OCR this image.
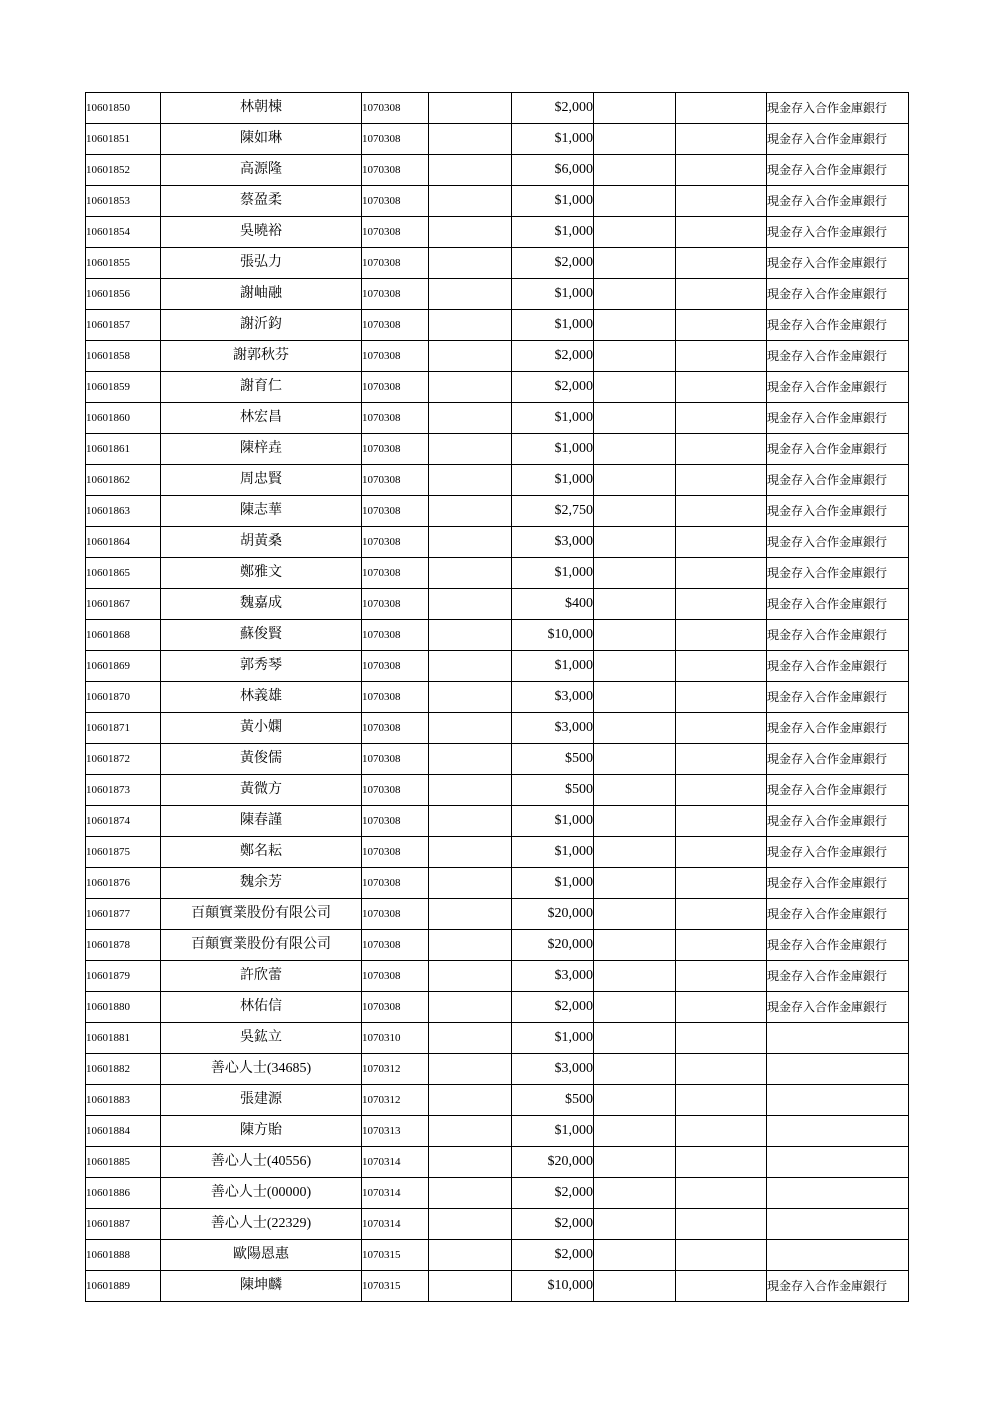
10601850	林朝棟	1070308		$2,000			現金存入合作金庫銀行
10601851	陳如琳	1070308		$1,000			現金存入合作金庫銀行
10601852	高源隆	1070308		$6,000			現金存入合作金庫銀行
10601853	蔡盈柔	1070308		$1,000			現金存入合作金庫銀行
10601854	吳曉裕	1070308		$1,000			現金存入合作金庫銀行
10601855	張弘力	1070308		$2,000			現金存入合作金庫銀行
10601856	謝岫融	1070308		$1,000			現金存入合作金庫銀行
10601857	謝沂鈞	1070308		$1,000			現金存入合作金庫銀行
10601858	謝郭秋芬	1070308		$2,000			現金存入合作金庫銀行
10601859	謝育仁	1070308		$2,000			現金存入合作金庫銀行
10601860	林宏昌	1070308		$1,000			現金存入合作金庫銀行
10601861	陳梓垚	1070308		$1,000			現金存入合作金庫銀行
10601862	周忠賢	1070308		$1,000			現金存入合作金庫銀行
10601863	陳志華	1070308		$2,750			現金存入合作金庫銀行
10601864	胡黃桑	1070308		$3,000			現金存入合作金庫銀行
10601865	鄭雅文	1070308		$1,000			現金存入合作金庫銀行
10601867	魏嘉成	1070308		$400			現金存入合作金庫銀行
10601868	蘇俊賢	1070308		$10,000			現金存入合作金庫銀行
10601869	郭秀琴	1070308		$1,000			現金存入合作金庫銀行
10601870	林義雄	1070308		$3,000			現金存入合作金庫銀行
10601871	黃小嫻	1070308		$3,000			現金存入合作金庫銀行
10601872	黃俊儒	1070308		$500			現金存入合作金庫銀行
10601873	黃微方	1070308		$500			現金存入合作金庫銀行
10601874	陳春謹	1070308		$1,000			現金存入合作金庫銀行
10601875	鄭名耘	1070308		$1,000			現金存入合作金庫銀行
10601876	魏余芳	1070308		$1,000			現金存入合作金庫銀行
10601877	百顛實業股份有限公司	1070308		$20,000			現金存入合作金庫銀行
10601878	百顛實業股份有限公司	1070308		$20,000			現金存入合作金庫銀行
10601879	許欣蕾	1070308		$3,000			現金存入合作金庫銀行
10601880	林佑信	1070308		$2,000			現金存入合作金庫銀行
10601881	吳鈜立	1070310		$1,000			
10601882	善心人士(34685)	1070312		$3,000			
10601883	張建源	1070312		$500			
10601884	陳方貽	1070313		$1,000			
10601885	善心人士(40556)	1070314		$20,000			
10601886	善心人士(00000)	1070314		$2,000			
10601887	善心人士(22329)	1070314		$2,000			
10601888	歐陽恩惠	1070315		$2,000			
10601889	陳坤麟	1070315		$10,000			現金存入合作金庫銀行
